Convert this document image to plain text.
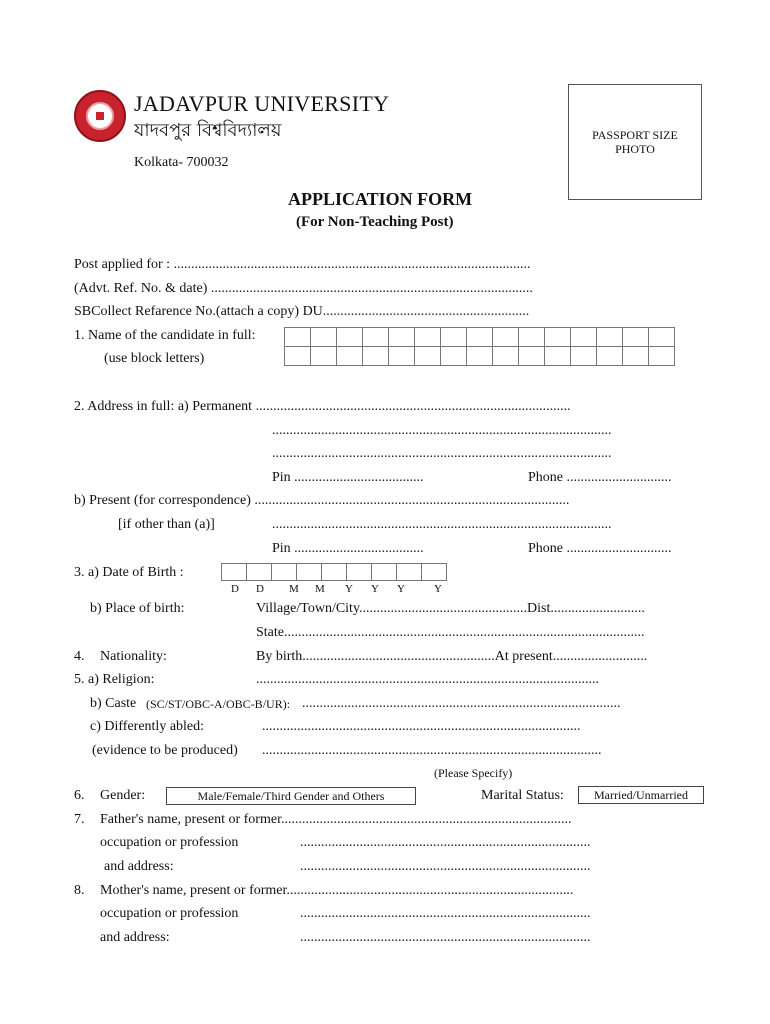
JADAVPUR UNIVERSITY
যাদবপুর বিশ্ববিদ্যালয়
Kolkata- 700032
PASSPORT SIZE
PHOTO
APPLICATION FORM
(For Non-Teaching Post)
Post applied for : ......................................................................................................
(Advt. Ref. No. & date) ............................................................................................
SBCollect Refarence No.(attach a copy) DU...........................................................
1. Name of the candidate in full:
(use block letters)

2. Address in full: a) Permanent ..........................................................................................
.................................................................................................
.................................................................................................
Pin .....................................	Phone ..............................
b) Present (for correspondence) ..........................................................................................
[if other than (a)]	.................................................................................................
Pin .....................................	Phone ..............................
3. a) Date of Birth :
D D M M Y Y Y	Y
b) Place of birth:	Village/Town/City................................................Dist...........................
State.......................................................................................................
4. Nationality:	By birth.......................................................At present...........................
5. a) Religion:	..................................................................................................
b) Caste (SC/ST/OBC-A/OBC-B/UR): ...........................................................................................
c) Differently abled:	...........................................................................................
(evidence to be produced) .................................................................................................
(Please Specify)
6. Gender:	Male/Female/Third Gender and Others	Marital Status:	Married/Unmarried
7. Father's name, present or former...................................................................................
occupation or profession	...................................................................................
and address:	...................................................................................
8. Mother's name, present or former..................................................................................
occupation or profession	...................................................................................
and address:	...................................................................................
